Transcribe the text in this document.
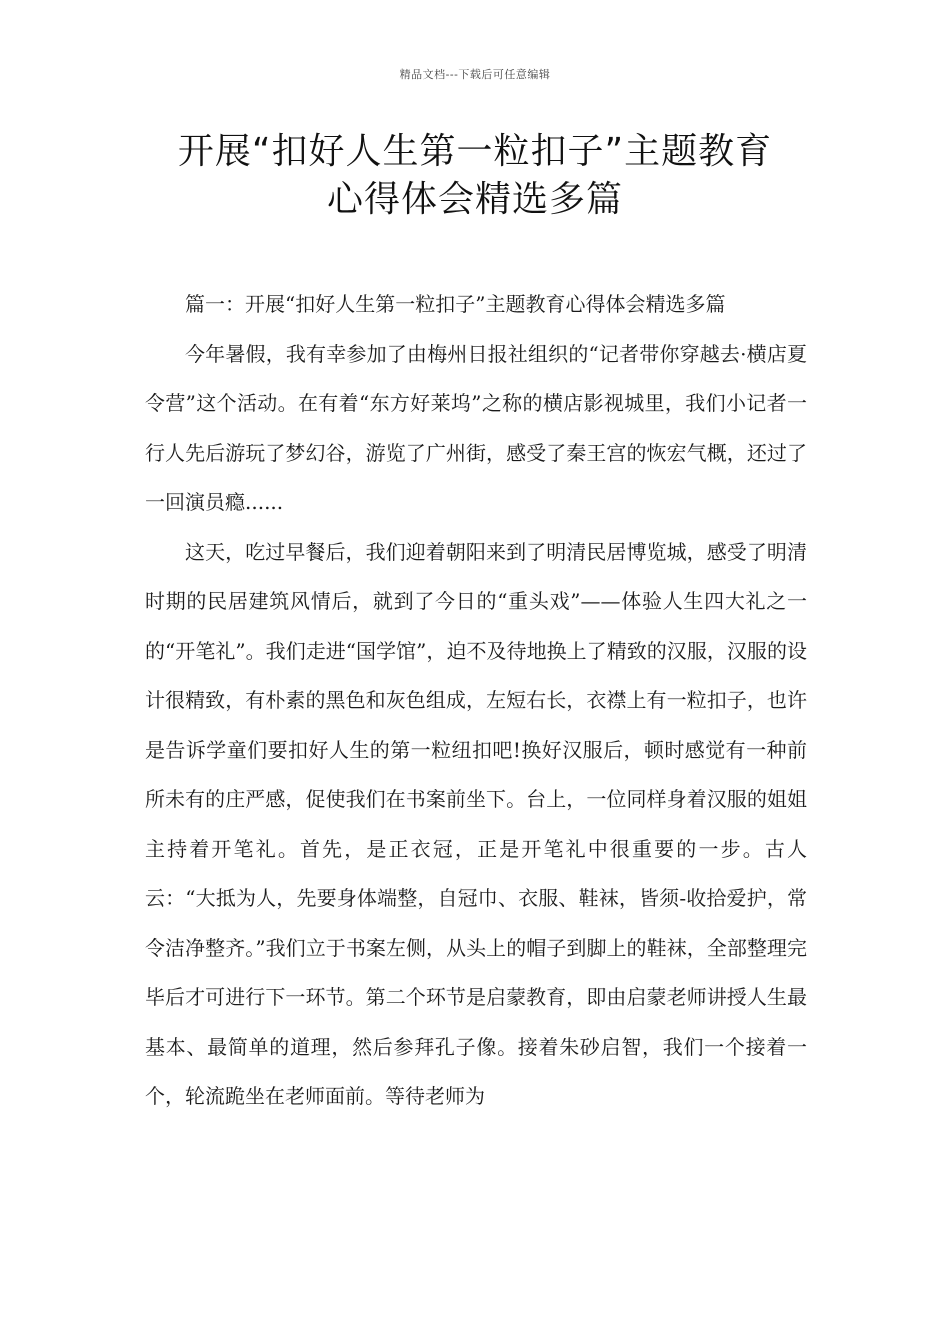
精品文档---下载后可任意编辑
开展“扣好人生第一粒扣子”主题教育
心得体会精选多篇

篇一：开展“扣好人生第一粒扣子”主题教育心得体会精选多篇

今年暑假，我有幸参加了由梅州日报社组织的“记者带你穿越去·横店夏令营”这个活动。在有着“东方好莱坞”之称的横店影视城里，我们小记者一行人先后游玩了梦幻谷，游览了广州街，感受了秦王宫的恢宏气概，还过了一回演员瘾......

这天，吃过早餐后，我们迎着朝阳来到了明清民居博览城，感受了明清时期的民居建筑风情后，就到了今日的“重头戏”——体验人生四大礼之一的“开笔礼”。我们走进“国学馆”，迫不及待地换上了精致的汉服，汉服的设计很精致，有朴素的黑色和灰色组成，左短右长，衣襟上有一粒扣子，也许是告诉学童们要扣好人生的第一粒纽扣吧!换好汉服后，顿时感觉有一种前所未有的庄严感，促使我们在书案前坐下。台上，一位同样身着汉服的姐姐主持着开笔礼。首先，是正衣冠，正是开笔礼中很重要的一步。古人云：“大抵为人，先要身体端整，自冠巾、衣服、鞋袜，皆须-收拾爱护，常令洁净整齐。”我们立于书案左侧，从头上的帽子到脚上的鞋袜，全部整理完毕后才可进行下一环节。第二个环节是启蒙教育，即由启蒙老师讲授人生最基本、最简单的道理，然后参拜孔子像。接着朱砂启智，我们一个接着一个，轮流跪坐在老师面前。等待老师为
